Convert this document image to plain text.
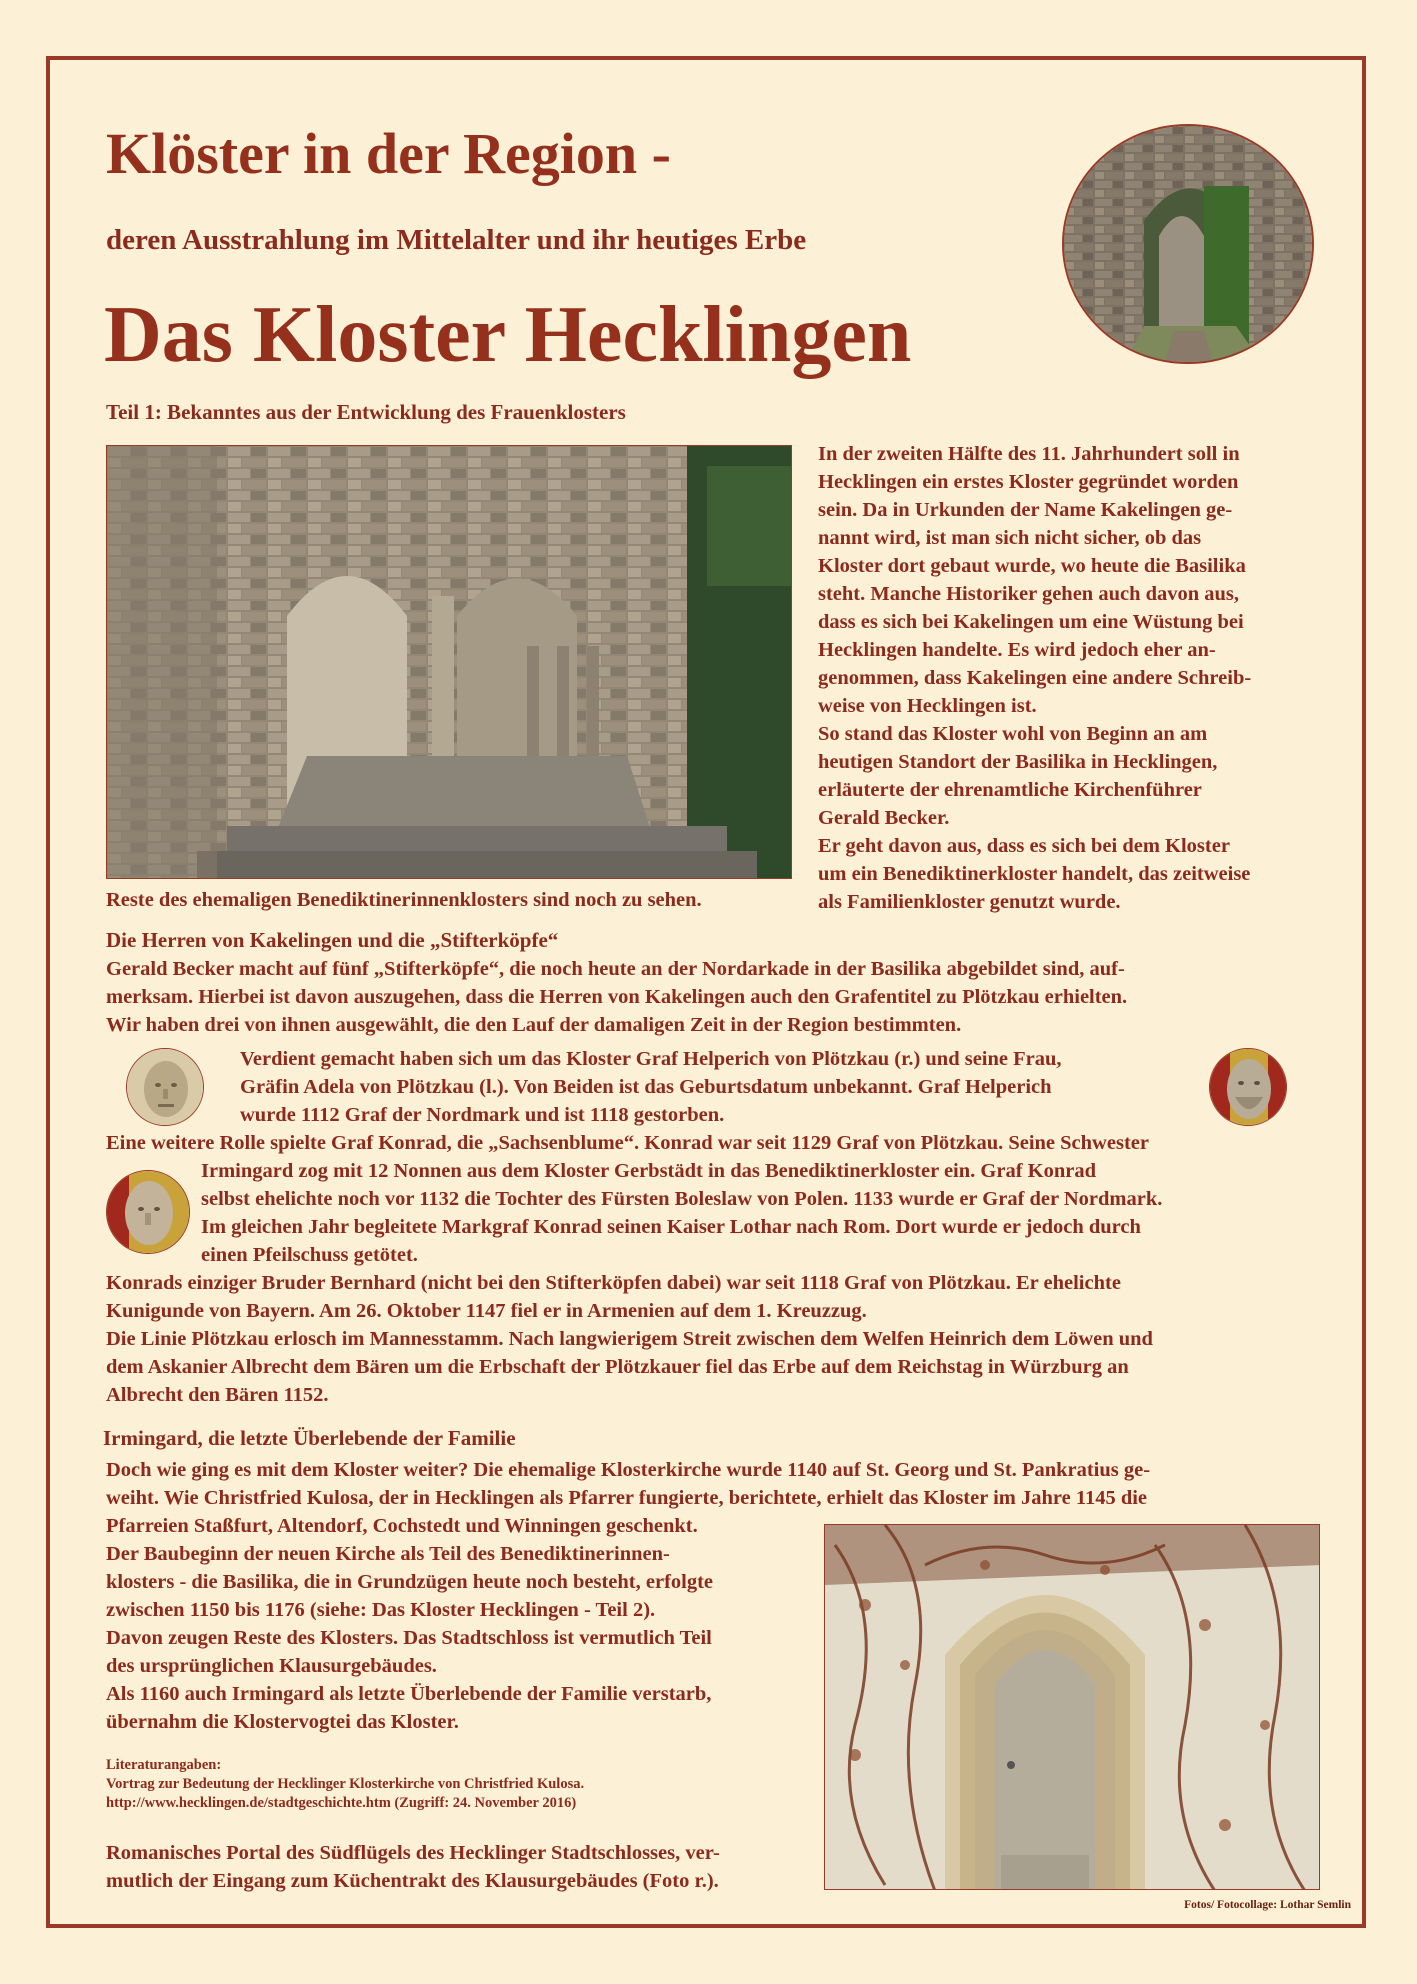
Klöster in der Region -
deren Ausstrahlung im Mittelalter und ihr heutiges Erbe
Das Kloster Hecklingen
Teil 1: Bekanntes aus der Entwicklung des Frauenklosters
Reste des ehemaligen Benediktinerinnenklosters sind noch zu sehen.
In der zweiten Hälfte des 11. Jahrhundert soll in
Hecklingen ein erstes Kloster gegründet worden
sein. Da in Urkunden der Name Kakelingen ge-
nannt wird, ist man sich nicht sicher, ob das
Kloster dort gebaut wurde, wo heute die Basilika
steht. Manche Historiker gehen auch davon aus,
dass es sich bei Kakelingen um eine Wüstung bei
Hecklingen handelte. Es wird jedoch eher an-
genommen, dass Kakelingen eine andere Schreib-
weise von Hecklingen ist.
So stand das Kloster wohl von Beginn an am
heutigen Standort der Basilika in Hecklingen,
erläuterte der ehrenamtliche Kirchenführer
Gerald Becker.
Er geht davon aus, dass es sich bei dem Kloster
um ein Benediktinerkloster handelt, das zeitweise
als Familienkloster genutzt wurde.
Die Herren von Kakelingen und die „Stifterköpfe“
Gerald Becker macht auf fünf „Stifterköpfe“, die noch heute an der Nordarkade in der Basilika abgebildet sind, auf-
merksam. Hierbei ist davon auszugehen, dass die Herren von Kakelingen auch den Grafentitel zu Plötzkau erhielten.
Wir haben drei von ihnen ausgewählt, die den Lauf der damaligen Zeit in der Region bestimmten.
Verdient gemacht haben sich um das Kloster Graf Helperich von Plötzkau (r.) und seine Frau,
Gräfin Adela von Plötzkau (l.). Von Beiden ist das Geburtsdatum unbekannt. Graf Helperich
wurde 1112 Graf der Nordmark und ist 1118 gestorben.
Eine weitere Rolle spielte Graf Konrad, die „Sachsenblume“. Konrad war seit 1129 Graf von Plötzkau. Seine Schwester
Irmingard zog mit 12 Nonnen aus dem Kloster Gerbstädt in das Benediktinerkloster ein. Graf Konrad
selbst ehelichte noch vor 1132 die Tochter des Fürsten Boleslaw von Polen. 1133 wurde er Graf der Nordmark.
Im gleichen Jahr begleitete Markgraf Konrad seinen Kaiser Lothar nach Rom. Dort wurde er jedoch durch
einen Pfeilschuss getötet.
Konrads einziger Bruder Bernhard (nicht bei den Stifterköpfen dabei) war seit 1118 Graf von Plötzkau. Er ehelichte
Kunigunde von Bayern. Am 26. Oktober 1147 fiel er in Armenien auf dem 1. Kreuzzug.
Die Linie Plötzkau erlosch im Mannesstamm. Nach langwierigem Streit zwischen dem Welfen Heinrich dem Löwen und
dem Askanier Albrecht dem Bären um die Erbschaft der Plötzkauer fiel das Erbe auf dem Reichstag in Würzburg an
Albrecht den Bären 1152.
Irmingard, die letzte Überlebende der Familie
Doch wie ging es mit dem Kloster weiter? Die ehemalige Klosterkirche wurde 1140 auf St. Georg und St. Pankratius ge-
weiht. Wie Christfried Kulosa, der in Hecklingen als Pfarrer fungierte, berichtete, erhielt das Kloster im Jahre 1145 die
Pfarreien Staßfurt, Altendorf, Cochstedt und Winningen geschenkt.
Der Baubeginn der neuen Kirche als Teil des Benediktinerinnen-
klosters - die Basilika, die in Grundzügen heute noch besteht, erfolgte
zwischen 1150 bis 1176 (siehe: Das Kloster Hecklingen - Teil 2).
Davon zeugen Reste des Klosters. Das Stadtschloss ist vermutlich Teil
des ursprünglichen Klausurgebäudes.
Als 1160 auch Irmingard als letzte Überlebende der Familie verstarb,
übernahm die Klostervogtei das Kloster.
Literaturangaben:
Vortrag zur Bedeutung der Hecklinger Klosterkirche von Christfried Kulosa.
http://www.hecklingen.de/stadtgeschichte.htm (Zugriff: 24. November 2016)
Romanisches Portal des Südflügels des Hecklinger Stadtschlosses, ver-
mutlich der Eingang zum Küchentrakt des Klausurgebäudes (Foto r.).
Fotos/ Fotocollage: Lothar Semlin
